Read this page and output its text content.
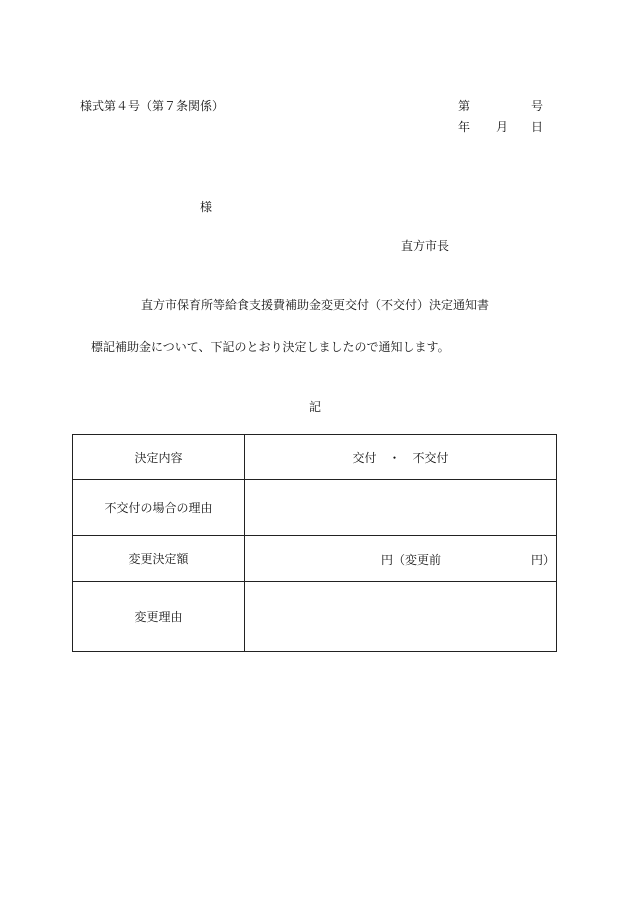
様式第４号（第７条関係）	第	号
年 月 日
様
直方市長
直方市保育所等給食支援費補助金変更交付（不交付）決定通知書
標記補助金について、下記のとおり決定しましたので通知します。
記
決定内容	交付　・　不交付
不交付の場合の理由	
変更決定額	円（変更前 円）

変更理由	
